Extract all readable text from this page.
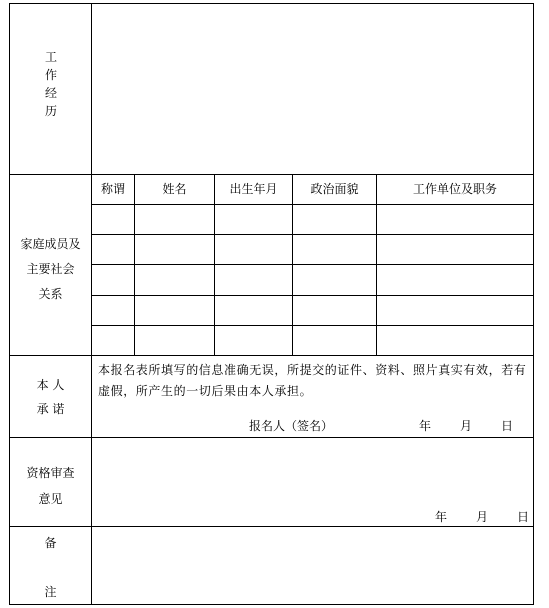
工
作
经
历
家庭成员及
主要社会
关系
称谓	姓名	出生年月	政治面貌	工作单位及职务
本 人
承 诺
本报名表所填写的信息准确无误，所提交的证件、资料、照片真实有效，若有虚假，所产生的一切后果由本人承担。
报名人（签名）	年 月 日
资格审查
意见
年 月 日
备
注
